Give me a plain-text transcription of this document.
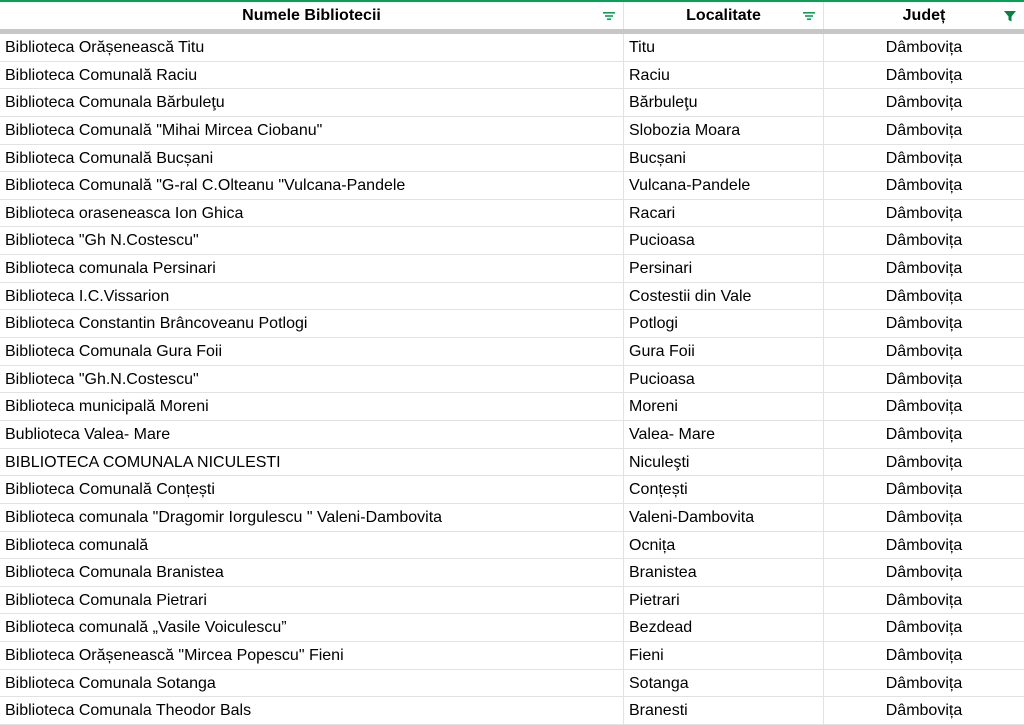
Numele Bibliotecii	Localitate	Județ
Biblioteca Orășenească Titu	Titu	Dâmbovița
Biblioteca Comunală Raciu	Raciu	Dâmbovița
Biblioteca Comunala Bărbuleţu	Bărbuleţu	Dâmbovița
Biblioteca Comunală "Mihai Mircea Ciobanu"	Slobozia Moara	Dâmbovița
Biblioteca Comunală Bucșani	Bucșani	Dâmbovița
Biblioteca Comunală "G-ral C.Olteanu "Vulcana-Pandele	Vulcana-Pandele	Dâmbovița
Biblioteca oraseneasca Ion Ghica	Racari	Dâmbovița
Biblioteca "Gh N.Costescu"	Pucioasa	Dâmbovița
Biblioteca comunala Persinari	Persinari	Dâmbovița
Biblioteca I.C.Vissarion	Costestii din Vale	Dâmbovița
Biblioteca Constantin Brâncoveanu Potlogi	Potlogi	Dâmbovița
Biblioteca Comunala Gura Foii	Gura Foii	Dâmbovița
Biblioteca "Gh.N.Costescu"	Pucioasa	Dâmbovița
Biblioteca municipală Moreni	Moreni	Dâmbovița
Bublioteca Valea- Mare	Valea- Mare	Dâmbovița
BIBLIOTECA COMUNALA NICULESTI	Niculeşti	Dâmbovița
Biblioteca Comunală Conțești	Conțești	Dâmbovița
Biblioteca comunala "Dragomir Iorgulescu " Valeni-Dambovita	Valeni-Dambovita	Dâmbovița
Biblioteca comunală	Ocnița	Dâmbovița
Biblioteca Comunala Branistea	Branistea	Dâmbovița
Biblioteca Comunala Pietrari	Pietrari	Dâmbovița
Biblioteca comunală „Vasile Voiculescu”	Bezdead	Dâmbovița
Biblioteca Orășenească "Mircea Popescu" Fieni	Fieni	Dâmbovița
Biblioteca Comunala Sotanga	Sotanga	Dâmbovița
Biblioteca Comunala Theodor Bals	Branesti	Dâmbovița
